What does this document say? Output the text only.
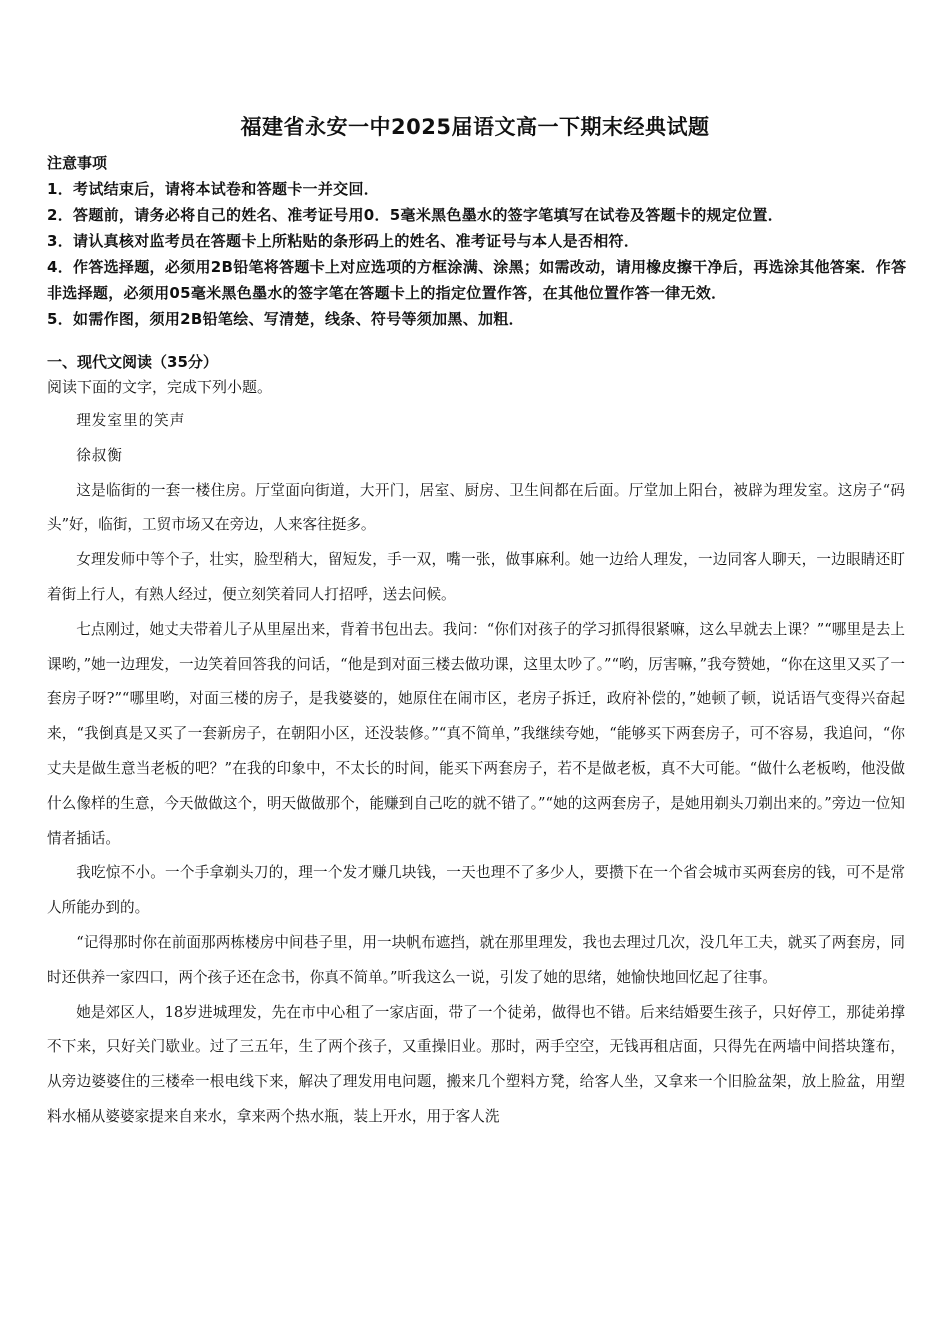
福建省永安一中2025届语文高一下期末经典试题
注意事项
1．考试结束后，请将本试卷和答题卡一并交回．
2．答题前，请务必将自己的姓名、准考证号用0．5毫米黑色墨水的签字笔填写在试卷及答题卡的规定位置．
3．请认真核对监考员在答题卡上所粘贴的条形码上的姓名、准考证号与本人是否相符．
4．作答选择题，必须用2B铅笔将答题卡上对应选项的方框涂满、涂黑；如需改动，请用橡皮擦干净后，再选涂其他答案．作答非选择题，必须用05毫米黑色墨水的签字笔在答题卡上的指定位置作答，在其他位置作答一律无效．
5．如需作图，须用2B铅笔绘、写清楚，线条、符号等须加黑、加粗．
一、现代文阅读（35分）
阅读下面的文字，完成下列小题。

理发室里的笑声

徐叔衡

这是临街的一套一楼住房。厅堂面向街道，大开门，居室、厨房、卫生间都在后面。厅堂加上阳台，被辟为理发室。这房子“码头”好，临街，工贸市场又在旁边，人来客往挺多。

女理发师中等个子，壮实，脸型稍大，留短发，手一双，嘴一张，做事麻利。她一边给人理发，一边同客人聊天，一边眼睛还盯着街上行人，有熟人经过，便立刻笑着同人打招呼，送去问候。

七点刚过，她丈夫带着儿子从里屋出来，背着书包出去。我问：“你们对孩子的学习抓得很紧嘛，这么早就去上课？”“哪里是去上课哟，”她一边理发，一边笑着回答我的问话，“他是到对面三楼去做功课，这里太吵了。”“哟，厉害嘛，”我夸赞她，“你在这里又买了一套房子呀?”“哪里哟，对面三楼的房子，是我婆婆的，她原住在闹市区，老房子拆迁，政府补偿的，”她顿了顿，说话语气变得兴奋起来，“我倒真是又买了一套新房子，在朝阳小区，还没装修。”“真不简单，”我继续夸她，“能够买下两套房子，可不容易，我追问，“你丈夫是做生意当老板的吧？”在我的印象中，不太长的时间，能买下两套房子，若不是做老板，真不大可能。“做什么老板哟，他没做什么像样的生意，今天做做这个，明天做做那个，能赚到自己吃的就不错了。”“她的这两套房子，是她用剃头刀剃出来的。”旁边一位知情者插话。

我吃惊不小。一个手拿剃头刀的，理一个发才赚几块钱，一天也理不了多少人，要攒下在一个省会城市买两套房的钱，可不是常人所能办到的。

“记得那时你在前面那两栋楼房中间巷子里，用一块帆布遮挡，就在那里理发，我也去理过几次，没几年工夫，就买了两套房，同时还供养一家四口，两个孩子还在念书，你真不简单。”听我这么一说，引发了她的思绪，她愉快地回忆起了往事。

她是郊区人，18岁进城理发，先在市中心租了一家店面，带了一个徒弟，做得也不错。后来结婚要生孩子，只好停工，那徒弟撑不下来，只好关门歇业。过了三五年，生了两个孩子，又重操旧业。那时，两手空空，无钱再租店面，只得先在两墙中间搭块篷布，从旁边婆婆住的三楼牵一根电线下来，解决了理发用电问题，搬来几个塑料方凳，给客人坐，又拿来一个旧脸盆架，放上脸盆，用塑料水桶从婆婆家提来自来水，拿来两个热水瓶，装上开水，用于客人洗
